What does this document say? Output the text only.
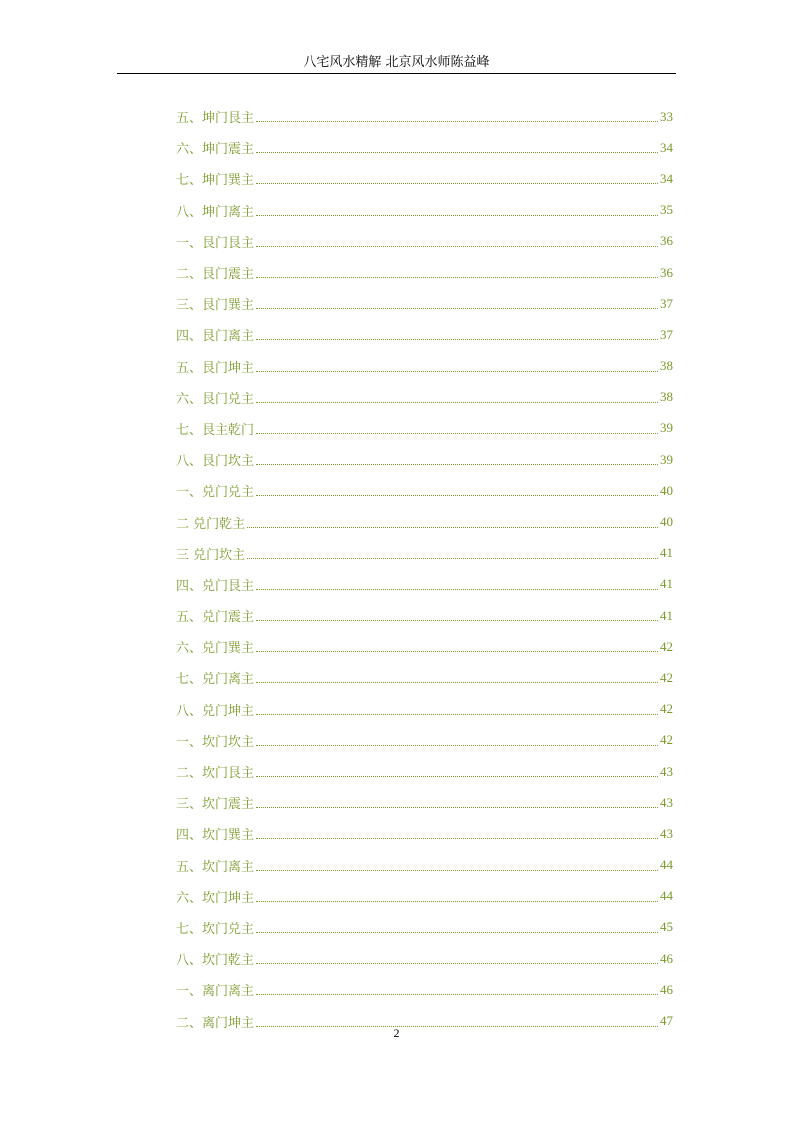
八宅风水精解 北京风水师陈益峰
五、坤门艮主	33
六、坤门震主	34
七、坤门巽主	34
八、坤门离主	35
一、艮门艮主	36
二、艮门震主	36
三、艮门巽主	37
四、艮门离主	37
五、艮门坤主	38
六、艮门兑主	38
七、艮主乾门	39
八、艮门坎主	39
一、兑门兑主	40
二 兑门乾主	40
三 兑门坎主	41
四、兑门艮主	41
五、兑门震主	41
六、兑门巽主	42
七、兑门离主	42
八、兑门坤主	42
一、坎门坎主	42
二、坎门艮主	43
三、坎门震主	43
四、坎门巽主	43
五、坎门离主	44
六、坎门坤主	44
七、坎门兑主	45
八、坎门乾主	46
一、离门离主	46
二、离门坤主	47
2
